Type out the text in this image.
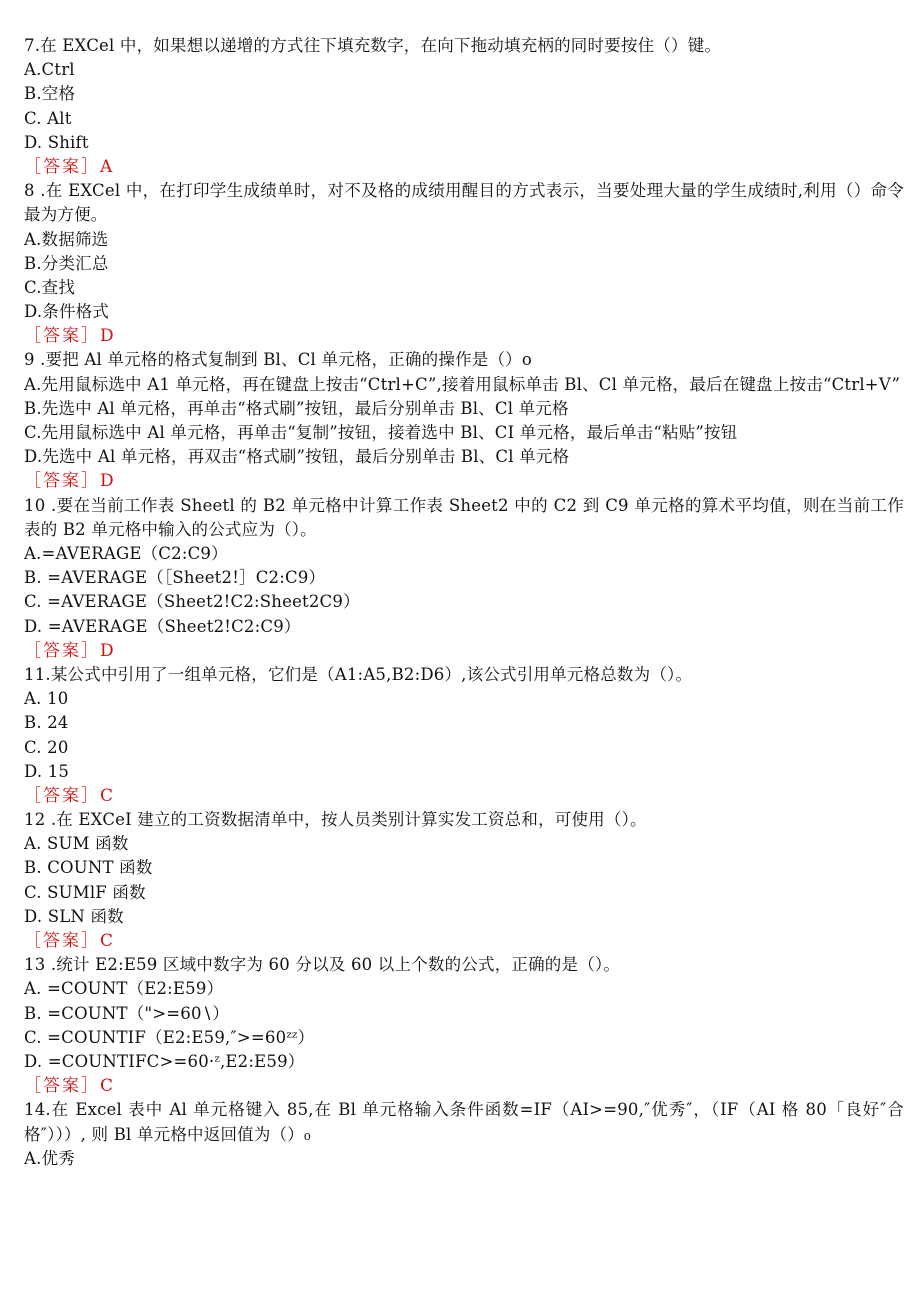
7.在 EXCel 中，如果想以递增的方式往下填充数字，在向下拖动填充柄的同时要按住（）键。
A.Ctrl
B.空格
C. Alt
D. Shift
［答案］A
8 .在 EXCel 中，在打印学生成绩单时，对不及格的成绩用醒目的方式表示，当要处理大量的学生成绩时,利用（）命令最为方便。
A.数据筛选
B.分类汇总
C.查找
D.条件格式
［答案］D
9 .要把 Al 单元格的格式复制到 Bl、Cl 单元格，正确的操作是（）o
A.先用鼠标选中 A1 单元格，再在键盘上按击“Ctrl+C”,接着用鼠标单击 Bl、Cl 单元格，最后在键盘上按击“Ctrl+V”
B.先选中 Al 单元格，再单击“格式刷”按钮，最后分别单击 Bl、Cl 单元格
C.先用鼠标选中 Al 单元格，再单击“复制”按钮，接着选中 Bl、CI 单元格，最后单击“粘贴”按钮
D.先选中 Al 单元格，再双击“格式刷”按钮，最后分别单击 Bl、Cl 单元格
［答案］D
10 .要在当前工作表 Sheetl 的 B2 单元格中计算工作表 Sheet2 中的 C2 到 C9 单元格的算术平均值，则在当前工作表的 B2 单元格中输入的公式应为（）。
A.=AVERAGE（C2:C9）
B. =AVERAGE（［Sheet2!］C2:C9）
C. =AVERAGE（Sheet2!C2:Sheet2C9）
D. =AVERAGE（Sheet2!C2:C9）
［答案］D
11.某公式中引用了一组单元格，它们是（A1:A5,B2:D6）,该公式引用单元格总数为（）。
A. 10
B. 24
C. 20
D. 15
［答案］C
12 .在 EXCeI 建立的工资数据清单中，按人员类别计算实发工资总和，可使用（）。
A. SUM 函数
B. COUNT 函数
C. SUMlF 函数
D. SLN 函数
［答案］C
13 .统计 E2:E59 区域中数字为 60 分以及 60 以上个数的公式，正确的是（）。
A. =COUNT（E2:E59）
B. =COUNT（">=60∖）
C. =COUNTIF（E2:E59,″>=60ᶻᶻ）
D. =COUNTIFC>=60·ᶻ,E2:E59）
［答案］C
14.在 Excel 表中 Al 单元格键入 85,在 Bl 单元格输入条件函数=IF（AI>=90,″优秀″，（IF（AI 格 80「良好″合格″）））, 则 Bl 单元格中返回值为（）₀
A.优秀
